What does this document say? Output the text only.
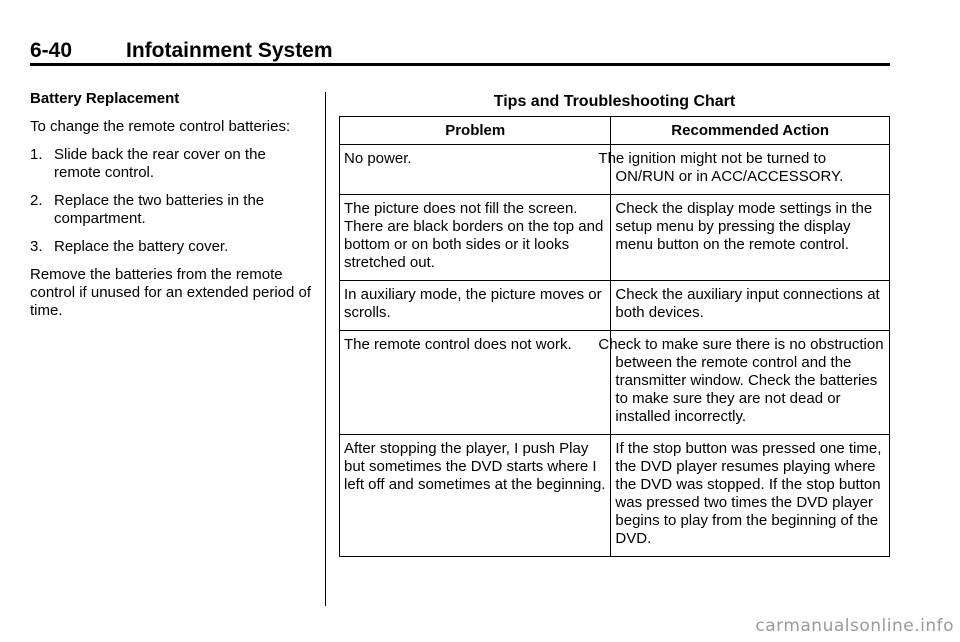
6-40	Infotainment System
Battery Replacement

To change the remote control batteries:

1. Slide back the rear cover on the remote control.
2. Replace the two batteries in the compartment.
3. Replace the battery cover.

Remove the batteries from the remote control if unused for an extended period of time.

Tips and Troubleshooting Chart
Problem	Recommended Action
No power.	The ignition might not be turned to ON/RUN or in ACC/ACCESSORY.
The picture does not fill the screen. There are black borders on the top and bottom or on both sides or it looks stretched out.	Check the display mode settings in the setup menu by pressing the display menu button on the remote control.
In auxiliary mode, the picture moves or scrolls.	Check the auxiliary input connections at both devices.
The remote control does not work.	Check to make sure there is no obstruction between the remote control and the transmitter window. Check the batteries to make sure they are not dead or installed incorrectly.
After stopping the player, I push Play but sometimes the DVD starts where I left off and sometimes at the beginning.	If the stop button was pressed one time, the DVD player resumes playing where the DVD was stopped. If the stop button was pressed two times the DVD player begins to play from the beginning of the DVD.
carmanualsonline.info
